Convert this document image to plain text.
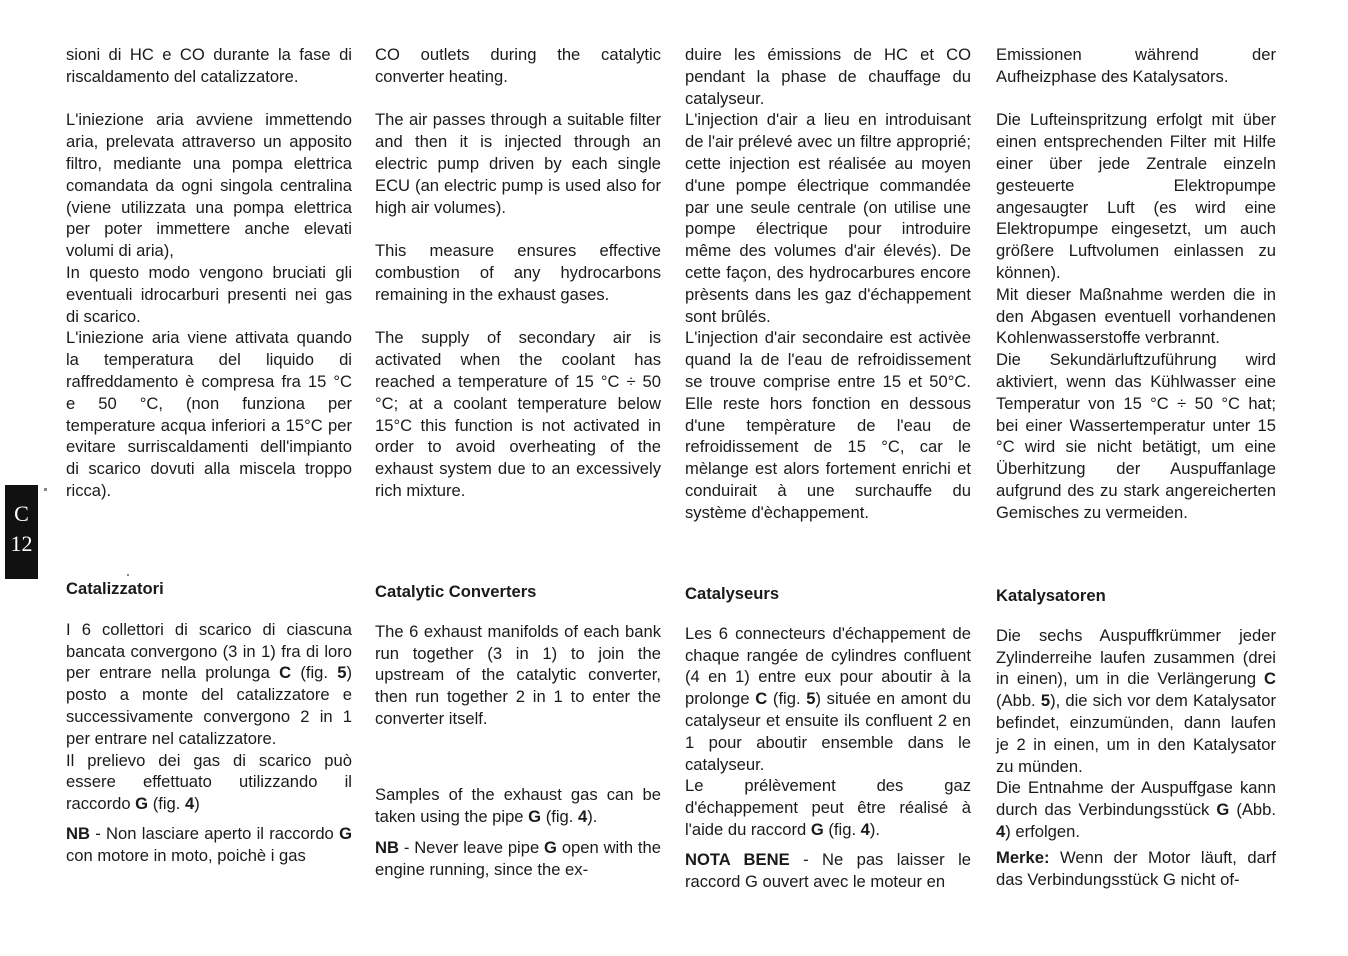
C
12

sioni di HC e CO durante la fase di riscaldamento del catalizzatore.

L'iniezione aria avviene immettendo aria, prelevata attraverso un apposito filtro, mediante una pompa elettrica comandata da ogni singola centralina (viene utilizzata una pompa elettrica per poter immettere anche elevati volumi di aria),

In questo modo vengono bruciati gli eventuali idrocarburi presenti nei gas di scarico.

L'iniezione aria viene attivata quando la temperatura del liquido di raffreddamento è compresa fra 15 °C e 50 °C, (non funziona per temperature acqua inferiori a 15°C per evitare surriscaldamenti dell'impianto di scarico dovuti alla miscela troppo ricca).

Catalizzatori

I 6 collettori di scarico di ciascuna bancata convergono (3 in 1) fra di loro per entrare nella prolunga C (fig. 5) posto a monte del catalizzatore e successivamente convergono 2 in 1 per entrare nel catalizzatore.

Il prelievo dei gas di scarico può essere effettuato utilizzando il raccordo G (fig. 4)

NB - Non lasciare aperto il raccordo G con motore in moto, poichè i gas

CO outlets during the catalytic converter heating.

The air passes through a suitable filter and then it is injected through an electric pump driven by each single ECU (an electric pump is used also for high air volumes).

This measure ensures effective combustion of any hydrocarbons remaining in the exhaust gases.

The supply of secondary air is activated when the coolant has reached a temperature of 15 °C ÷ 50 °C; at a coolant temperature below 15°C this function is not activated in order to avoid overheating of the exhaust system due to an excessively rich mixture.

Catalytic Converters

The 6 exhaust manifolds of each bank run together (3 in 1) to join the upstream of the catalytic converter, then run together 2 in 1 to enter the converter itself.

Samples of the exhaust gas can be taken using the pipe G (fig. 4).

NB - Never leave pipe G open with the engine running, since the ex-

duire les émissions de HC et CO pendant la phase de chauffage du catalyseur.

L'injection d'air a lieu en introduisant de l'air prélevé avec un filtre approprié; cette injection est réalisée au moyen d'une pompe électrique commandée par une seule centrale (on utilise une pompe électrique pour introduire même des volumes d'air élevés). De cette façon, des hydrocarbures encore prèsents dans les gaz d'échappement sont brûlés.

L'injection d'air secondaire est activèe quand la de l'eau de refroidissement se trouve comprise entre 15 et 50°C. Elle reste hors fonction en dessous d'une tempèrature de l'eau de refroidissement de 15 °C, car le mèlange est alors fortement enrichi et conduirait à une surchauffe du système d'èchappement.

Catalyseurs

Les 6 connecteurs d'échappement de chaque rangée de cylindres confluent (4 en 1) entre eux pour aboutir à la prolonge C (fig. 5) située en amont du catalyseur et ensuite ils confluent 2 en 1 pour aboutir ensemble dans le catalyseur.

Le prélèvement des gaz d'échappement peut être réalisé à l'aide du raccord G (fig. 4).

NOTA BENE - Ne pas laisser le raccord G ouvert avec le moteur en

Emissionen während der Aufheizphase des Katalysators.

Die Lufteinspritzung erfolgt mit über einen entsprechenden Filter mit Hilfe einer über jede Zentrale einzeln gesteuerte Elektropumpe angesaugter Luft (es wird eine Elektropumpe eingesetzt, um auch größere Luftvolumen einlassen zu können).

Mit dieser Maßnahme werden die in den Abgasen eventuell vorhandenen Kohlenwasserstoffe verbrannt.

Die Sekundärluftzuführung wird aktiviert, wenn das Kühlwasser eine Temperatur von 15 °C ÷ 50 °C hat; bei einer Wassertemperatur unter 15 °C wird sie nicht betätigt, um eine Überhitzung der Auspuffanlage aufgrund des zu stark angereicherten Gemisches zu vermeiden.

Katalysatoren

Die sechs Auspuffkrümmer jeder Zylinderreihe laufen zusammen (drei in einen), um in die Verlängerung C (Abb. 5), die sich vor dem Katalysator befindet, einzumünden, dann laufen je 2 in einen, um in den Katalysator zu münden.

Die Entnahme der Auspuffgase kann durch das Verbindungsstück G (Abb. 4) erfolgen.

Merke: Wenn der Motor läuft, darf das Verbindungsstück G nicht of-
